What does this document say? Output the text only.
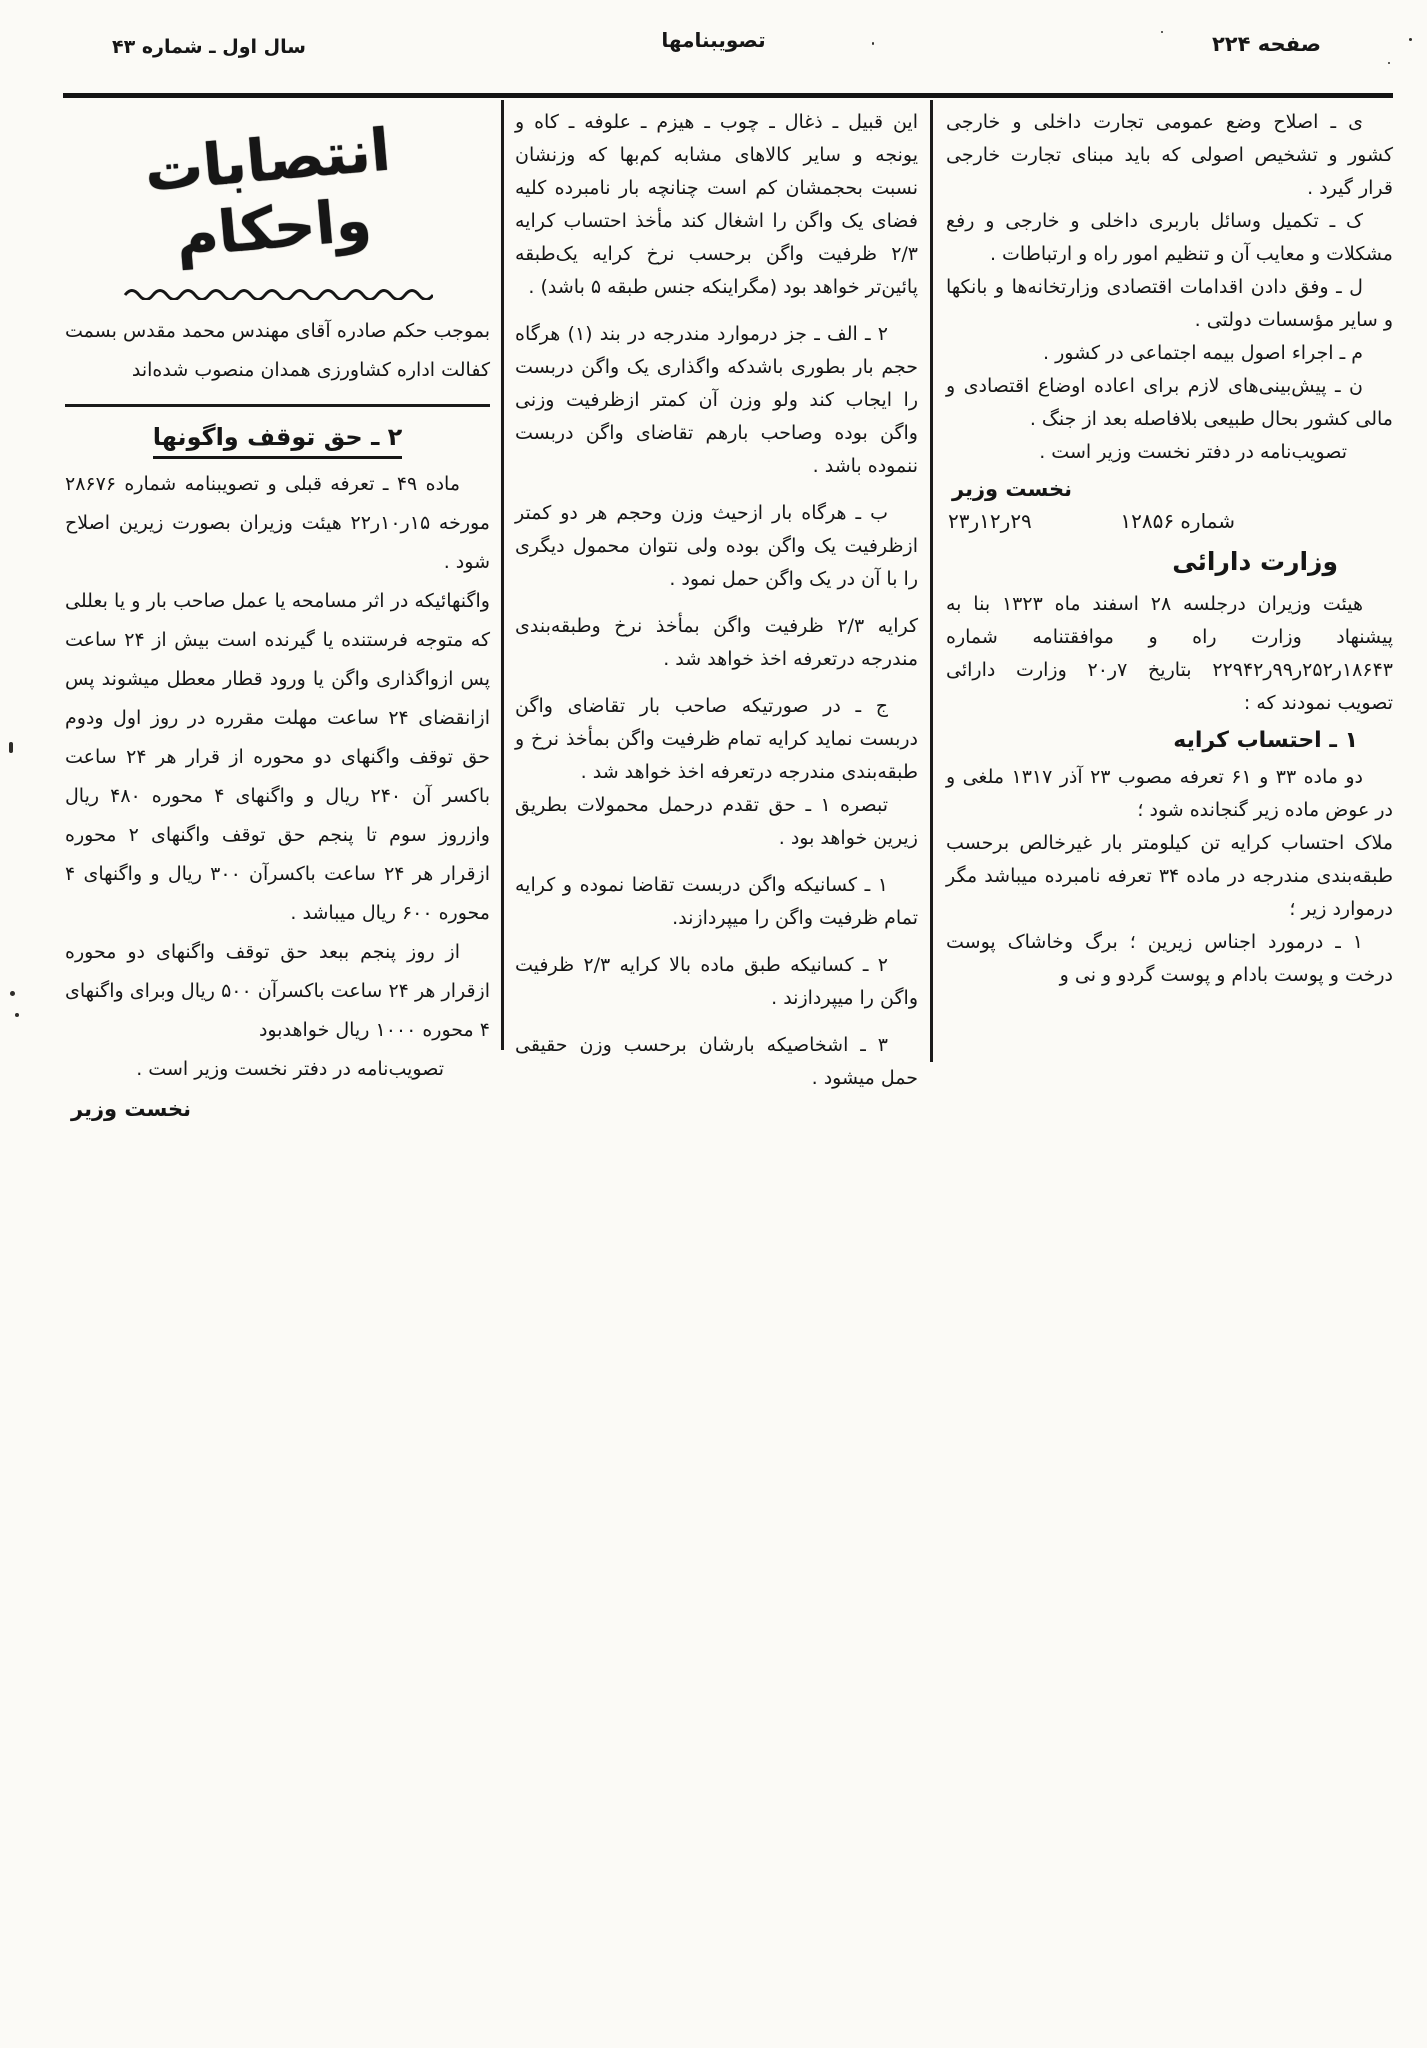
صفحه ۲۲۴
تصویبنامها
سال اول ـ شماره ۴۳

ی ـ اصلاح وضع عمومی تجارت داخلی و خارجی کشور و تشخیص اصولی که باید مبنای تجارت خارجی قرار گیرد .

ک ـ تکمیل وسائل باربری داخلی و خارجی و رفع مشکلات و معایب آن و تنظیم امور راه و ارتباطات .

ل ـ وفق دادن اقدامات اقتصادی وزارتخانه‌ها و بانکها و سایر مؤسسات دولتی .

م ـ اجراء اصول بیمه اجتماعی در کشور .

ن ـ پیش‌بینی‌های لازم برای اعاده اوضاع اقتصادی و مالی کشور بحال طبیعی بلافاصله بعد از جنگ .

تصویب‌نامه در دفتر نخست وزیر است .

نخست وزیر
شماره ۱۲۸۵۶
۲۹ر۱۲ر۲۳
وزارت دارائی

هیئت وزیران درجلسه ۲۸ اسفند ماه ۱۳۲۳ بنا به پیشنهاد وزارت راه و موافقتنامه شماره ۱۸۶۴۳ر۲۵۲ر۹۹ر۲۲۹۴۲ بتاریخ ۷ر۲۰ وزارت دارائی تصویب نمودند که :

۱ ـ احتساب کرایه

دو ماده ۳۳ و ۶۱ تعرفه مصوب ۲۳ آذر ۱۳۱۷ ملغی و در عوض ماده زیر گنجانده شود ؛

ملاک احتساب کرایه تن کیلومتر بار غیرخالص برحسب طبقه‌بندی مندرجه در ماده ۳۴ تعرفه نامبرده میباشد مگر درموارد زیر ؛

۱ ـ درمورد اجناس زیرین ؛ برگ وخاشاک پوست درخت و پوست بادام و پوست گردو و نی و

این قبیل ـ ذغال ـ چوب ـ هیزم ـ علوفه ـ کاه و یونجه و سایر کالاهای مشابه کم‌بها که وزنشان نسبت بحجمشان کم است چنانچه بار نامبرده کلیه فضای یک واگن را اشغال کند مأخذ احتساب کرایه ۲/۳ ظرفیت واگن برحسب نرخ کرایه یک‌طبقه پائین‌تر خواهد بود (مگراینکه جنس طبقه ۵ باشد) .

۲ ـ الف ـ جز درموارد مندرجه در بند (۱) هرگاه حجم بار بطوری باشدکه واگذاری یک واگن دربست را ایجاب کند ولو وزن آن کمتر ازظرفیت وزنی واگن بوده وصاحب بارهم تقاضای واگن دربست ننموده باشد .

ب ـ هرگاه بار ازحیث وزن وحجم هر دو کمتر ازظرفیت یک واگن بوده ولی نتوان محمول دیگری را با آن در یک واگن حمل نمود .

کرایه ۲/۳ ظرفیت واگن بمأخذ نرخ وطبقه‌بندی مندرجه درتعرفه اخذ خواهد شد .

ج ـ در صورتیکه صاحب بار تقاضای واگن دربست نماید کرایه تمام ظرفیت واگن بمأخذ نرخ و طبقه‌بندی مندرجه درتعرفه اخذ خواهد شد .

تبصره ۱ ـ حق تقدم درحمل محمولات بطریق زیرین خواهد بود .

۱ ـ کسانیکه واگن دربست تقاضا نموده و کرایه تمام ظرفیت واگن را میپردازند.

۲ ـ کسانیکه طبق ماده بالا کرایه ۲/۳ ظرفیت واگن را میپردازند .

۳ ـ اشخاصیکه بارشان برحسب وزن حقیقی حمل میشود .

انتصابات واحکام

بموجب حکم صادره آقای مهندس محمد مقدس بسمت کفالت اداره کشاورزی همدان منصوب شده‌اند

۲ ـ حق توقف واگونها

ماده ۴۹ ـ تعرفه قبلی و تصویبنامه شماره ۲۸۶۷۶ مورخه ۱۵ر۱۰ر۲۲ هیئت وزیران بصورت زیرین اصلاح شود .

واگنهائیکه در اثر مسامحه یا عمل صاحب بار و یا بعللی که متوجه فرستنده یا گیرنده است بیش از ۲۴ ساعت پس ازواگذاری واگن یا ورود قطار معطل میشوند پس ازانقضای ۲۴ ساعت مهلت مقرره در روز اول ودوم حق توقف واگنهای دو محوره از قرار هر ۲۴ ساعت باکسر آن ۲۴۰ ریال و واگنهای ۴ محوره ۴۸۰ ریال وازروز سوم تا پنجم حق توقف واگنهای ۲ محوره ازقرار هر ۲۴ ساعت باکسرآن ۳۰۰ ریال و واگنهای ۴ محوره ۶۰۰ ریال میباشد .

از روز پنجم ببعد حق توقف واگنهای دو محوره ازقرار هر ۲۴ ساعت باکسرآن ۵۰۰ ریال وبرای واگنهای ۴ محوره ۱۰۰۰ ریال خواهدبود

تصویب‌نامه در دفتر نخست وزیر است .

نخست وزیر
